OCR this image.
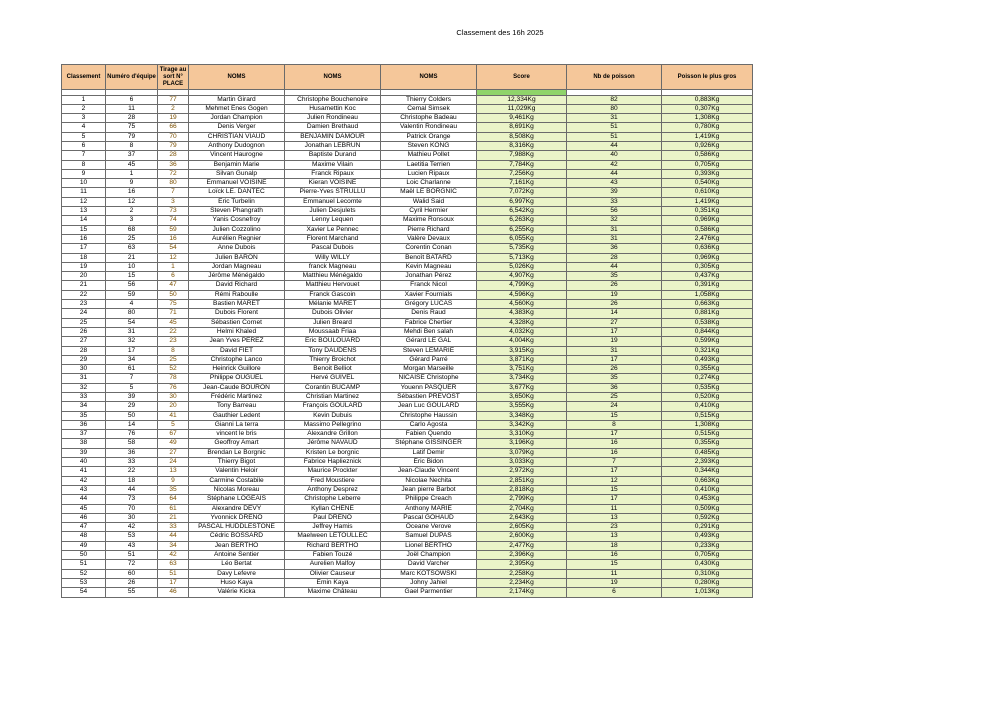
Classement des 16h 2025
Classement	Numéro d'équipe	Tirage au sort N° PLACE	NOMS	NOMS	NOMS	Score	Nb de poisson	Poisson le plus gros

1	6	77	Martin Girard	Christophe Bouchenoire	Thierry Colders	12,334Kg	82	0,883Kg
2	11	2	Mehmet Enes Gogen	Husamettin Koc	Cemal Simsek	11,029Kg	80	0,307Kg
3	28	19	Jordan Champion	Julien Rondineau	Christophe Badeau	9,461Kg	31	1,308Kg
4	75	66	Denis Verger	Damien Brethaud	Valentin Rondineau	8,691Kg	51	0,780Kg
5	79	70	CHRISTIAN VIAUD	BENJAMIN DAMOUR	Patrick Orange	8,508Kg	51	1,419Kg
6	8	79	Anthony Dudognon	Jonathan LEBRUN	Steven KONG	8,316Kg	44	0,926Kg
7	37	28	Vincent Haurogne	Baptiste Durand	Mathieu Pollet	7,988Kg	40	0,586Kg
8	45	36	Benjamin Marie	Maxime Vilain	Laetitia Terrien	7,784Kg	42	0,705Kg
9	1	72	Silvan Gunalp	Franck Ripaux	Lucien Ripaux	7,256Kg	44	0,393Kg
10	9	80	Emmanuel VOISINE	Kieran VOISINE	Loic Charlanne	7,161Kg	43	0,540Kg
11	16	7	Loïck LE. DANTEC	Pierre-Yves STRULLU	Maël LE BORGNIC	7,072Kg	39	0,610Kg
12	12	3	Eric Turbelin	Emmanuel Lecomte	Walid Said	6,997Kg	33	1,419Kg
13	2	73	Steven Phangrath	Julien Desjulets	Cyril Hermier	6,542Kg	56	0,351Kg
14	3	74	Yanis Cosnefroy	Lenny Lequen	Maxime Ronsoux	6,263Kg	32	0,969Kg
15	68	59	Julien Cozzolino	Xavier Le Pennec	Pierre Richard	6,255Kg	31	0,586Kg
16	25	16	Aurélien Regnier	Florent Marchand	Valère Devaux	6,055Kg	31	2,476Kg
17	63	54	Anne Dubois	Pascal Dubois	Corentin Conan	5,735Kg	36	0,636Kg
18	21	12	Julien BARON	Willy WILLY	Benoît BATARD	5,713Kg	28	0,969Kg
19	10	1	Jordan Magneau	franck Magneau	Kevin Magneau	5,026Kg	44	0,305Kg
20	15	6	Jérôme Ménégaldo	Matthieu Ménégaldo	Jonathan Pérez	4,907Kg	35	0,437Kg
21	56	47	David Richard	Matthieu Hervouet	Franck Nicol	4,799Kg	26	0,391Kg
22	59	50	Rémi Raboulle	Franck Gascoin	Xavier Fournials	4,596Kg	19	1,058Kg
23	4	75	Bastien MARET	Mélanie MARET	Grégory LUCAS	4,560Kg	26	0,663Kg
24	80	71	Dubois Florent	Dubois Olivier	Denis Raud	4,383Kg	14	0,881Kg
25	54	45	Sébastien Cornet	Julien Breard	Fabrice Chertier	4,328Kg	27	0,538Kg
26	31	22	Helmi Khaled	Moussaab Friaa	Mehdi Ben salah	4,032Kg	17	0,844Kg
27	32	23	Jean Yves PEREZ	Eric BOULOUARD	Gérard LE GAL	4,004Kg	19	0,599Kg
28	17	8	David FIET	Tony DAUDENS	Steven LEMARIE	3,915Kg	31	0,321Kg
29	34	25	Christophe Lanco	Thierry Broichot	Gérard Parré	3,871Kg	17	0,493Kg
30	61	52	Heinrick Guillore	Benoit Belliot	Morgan Marseille	3,751Kg	26	0,355Kg
31	7	78	Philippe OUGUEL	Hervé GUIVEL	NICAISE Christophe	3,734Kg	35	0,274Kg
32	5	76	Jean-Caude BOURON	Corantin BUCAMP	Youenn PASQUER	3,677Kg	36	0,535Kg
33	39	30	Frédéric Martinez	Christian Martinez	Sébastien PREVOST	3,650Kg	25	0,520Kg
34	29	20	Tony Barreau	François GOULARD	Jean Luc GOULARD	3,555Kg	24	0,410Kg
35	50	41	Gauthier Ledent	Kevin Dubuis	Christophe Haussin	3,348Kg	15	0,515Kg
36	14	5	Gianni La terra	Massimo Pellegrino	Carlo Agosta	3,342Kg	8	1,308Kg
37	76	67	vincent le bris	Alexandre Grillon	Fabien Quendo	3,310Kg	17	0,515Kg
38	58	49	Geoffroy Amart	Jérôme NAVAUD	Stéphane GISSINGER	3,196Kg	16	0,355Kg
39	36	27	Brendan Le Borgnic	Kristen Le borgnic	Latif Demir	3,079Kg	16	0,485Kg
40	33	24	Thierry Bigot	Fabrice Haplieznick	Éric Bidon	3,033Kg	7	2,393Kg
41	22	13	Valentin Heloir	Maurice Prockter	Jean-Claude Vincent	2,972Kg	17	0,344Kg
42	18	9	Carmine Costabile	Fred Moustiere	Nicolae Nechita	2,851Kg	12	0,663Kg
43	44	35	Nicolas Moreau	Anthony Desprez	Jean pierre Barbot	2,818Kg	15	0,410Kg
44	73	64	Stéphane LOGEAIS	Christophe Leberre	Philippe Creach	2,799Kg	17	0,453Kg
45	70	61	Alexandre DEVY	Kyllan CHENE	Anthony MARIE	2,704Kg	11	0,509Kg
46	30	21	Yvonnick DRENO	Paul DRENO	Pascal GOHAUD	2,643Kg	13	0,592Kg
47	42	33	PASCAL HUDDLESTONE	Jeffrey Hamis	Oceane Verove	2,605Kg	23	0,291Kg
48	53	44	Cédric BOSSARD	Maelween LETOULLEC	Samuel DUPAS	2,600Kg	13	0,493Kg
49	43	34	Jean BERTHO	Richard BERTHO	Lionel BERTHO	2,477Kg	18	0,233Kg
50	51	42	Antoine Sentier	Fabien Touzé	Joël Champion	2,396Kg	16	0,705Kg
51	72	63	Léo Bertat	Aurelien Malfoy	David Varcher	2,395Kg	15	0,430Kg
52	60	51	Davy Lefevre	Olivier Causeur	Marc KOTSOWSKI	2,258Kg	11	0,310Kg
53	26	17	Huso Kaya	Emin Kaya	Johny Jahiel	2,234Kg	19	0,280Kg
54	55	46	Valérie Kicka	Maxime Château	Gael Parmentier	2,174Kg	6	1,013Kg
